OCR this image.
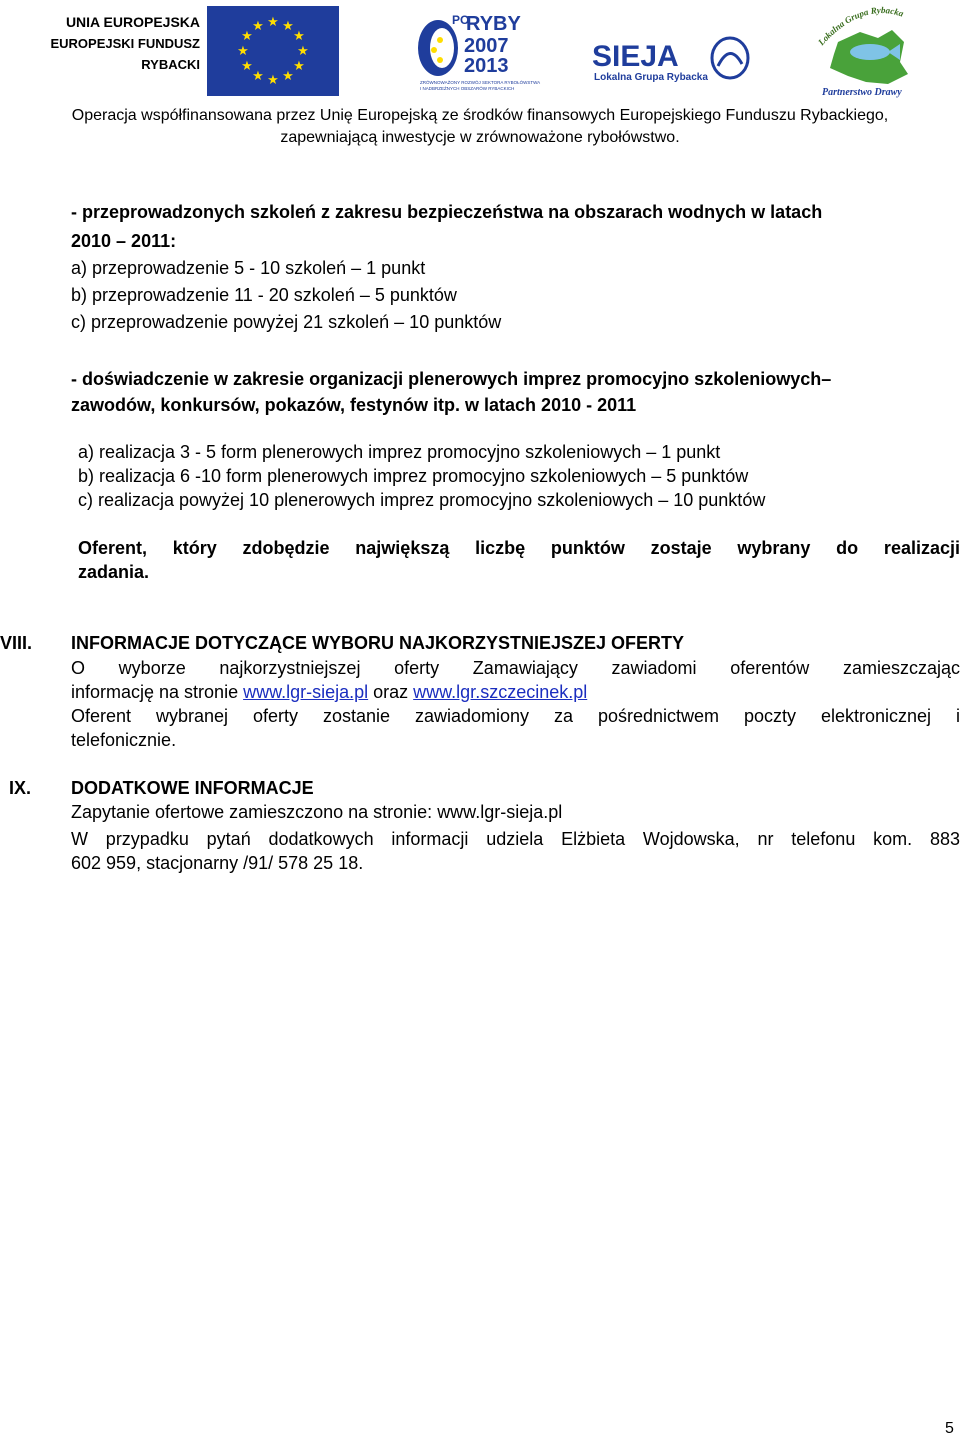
UNIA EUROPEJSKA
EUROPEJSKI FUNDUSZ
RYBACKI
★ ★
★
★
★
★
★
★
★
★
★
★	PO
RYBY
2007
2013
ZRÓWNOWAŻONY ROZWÓJ SEKTORA RYBOŁÓWSTWA
I NADBRZEŻNYCH OBSZARÓW RYBACKICH
SIEJA
Lokalna Grupa Rybacka
Lokalna Grupa Rybacka
Partnerstwo Drawy
Operacja współfinansowana przez Unię Europejską ze środków finansowych Europejskiego Funduszu Rybackiego,
zapewniającą inwestycje w zrównoważone rybołówstwo.
- przeprowadzonych szkoleń z zakresu bezpieczeństwa na obszarach wodnych w latach
2010 – 2011:
a) przeprowadzenie 5 - 10 szkoleń – 1 punkt
b) przeprowadzenie 11 - 20 szkoleń – 5 punktów
c) przeprowadzenie powyżej 21 szkoleń – 10 punktów
- doświadczenie w zakresie organizacji plenerowych imprez promocyjno szkoleniowych–
zawodów, konkursów, pokazów, festynów itp. w latach 2010 - 2011
a) realizacja 3 - 5 form plenerowych imprez promocyjno szkoleniowych – 1 punkt
b) realizacja 6 -10 form plenerowych imprez promocyjno szkoleniowych – 5 punktów
c) realizacja powyżej 10 plenerowych imprez promocyjno szkoleniowych – 10 punktów
Oferent, który zdobędzie największą liczbę punktów zostaje wybrany do realizacji
zadania.
VIII. INFORMACJE DOTYCZĄCE WYBORU NAJKORZYSTNIEJSZEJ OFERTY
O wyborze najkorzystniejszej oferty Zamawiający zawiadomi oferentów zamieszczając
informację na stronie www.lgr-sieja.pl oraz www.lgr.szczecinek.pl
Oferent wybranej oferty zostanie zawiadomiony za pośrednictwem poczty elektronicznej i
telefonicznie.
IX. DODATKOWE INFORMACJE
Zapytanie ofertowe zamieszczono na stronie: www.lgr-sieja.pl
W przypadku pytań dodatkowych informacji udziela Elżbieta Wojdowska, nr telefonu kom. 883
602 959, stacjonarny /91/ 578 25 18.
5
